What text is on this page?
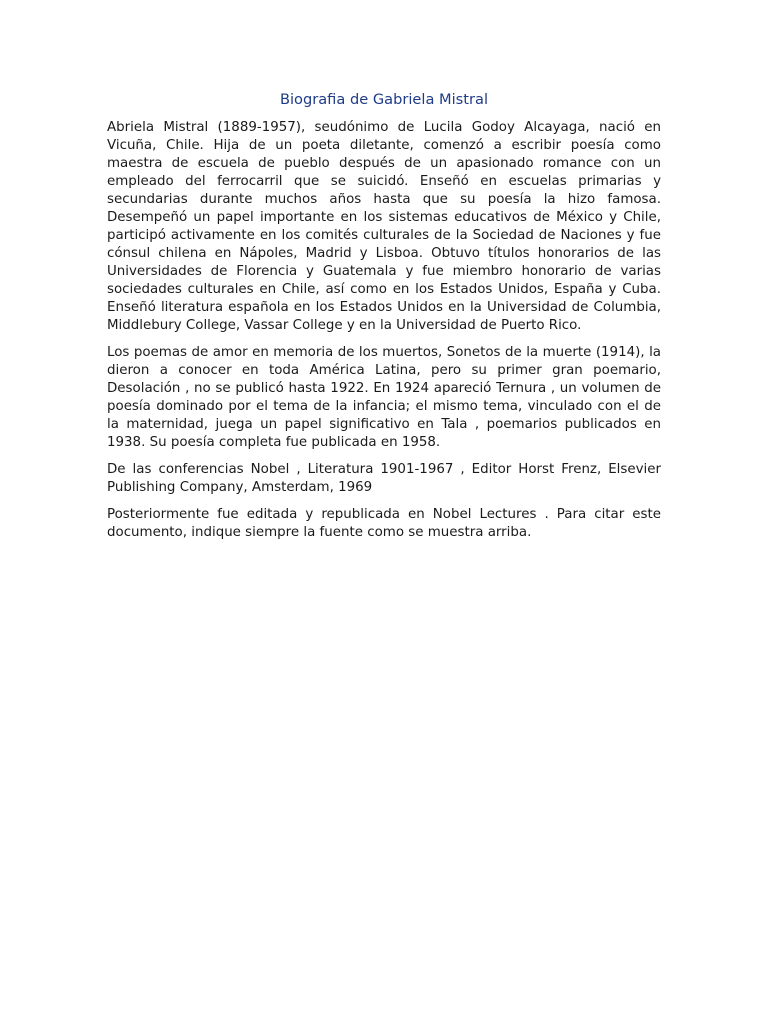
Biografia de Gabriela Mistral

Abriela Mistral (1889-1957), seudónimo de Lucila Godoy Alcayaga, nació en Vicuña, Chile. Hija de un poeta diletante, comenzó a escribir poesía como maestra de escuela de pueblo después de un apasionado romance con un empleado del ferrocarril que se suicidó. Enseñó en escuelas primarias y secundarias durante muchos años hasta que su poesía la hizo famosa. Desempeñó un papel importante en los sistemas educativos de México y Chile, participó activamente en los comités culturales de la Sociedad de Naciones y fue cónsul chilena en Nápoles, Madrid y Lisboa. Obtuvo títulos honorarios de las Universidades de Florencia y Guatemala y fue miembro honorario de varias sociedades culturales en Chile, así como en los Estados Unidos, España y Cuba. Enseñó literatura española en los Estados Unidos en la Universidad de Columbia, Middlebury College, Vassar College y en la Universidad de Puerto Rico.

Los poemas de amor en memoria de los muertos, Sonetos de la muerte (1914), la dieron a conocer en toda América Latina, pero su primer gran poemario, Desolación , no se publicó hasta 1922. En 1924 apareció Ternura , un volumen de poesía dominado por el tema de la infancia; el mismo tema, vinculado con el de la maternidad, juega un papel significativo en Tala , poemarios publicados en 1938. Su poesía completa fue publicada en 1958.

De las conferencias Nobel , Literatura 1901-1967 , Editor Horst Frenz, Elsevier Publishing Company, Amsterdam, 1969

Posteriormente fue editada y republicada en Nobel Lectures . Para citar este documento, indique siempre la fuente como se muestra arriba.
